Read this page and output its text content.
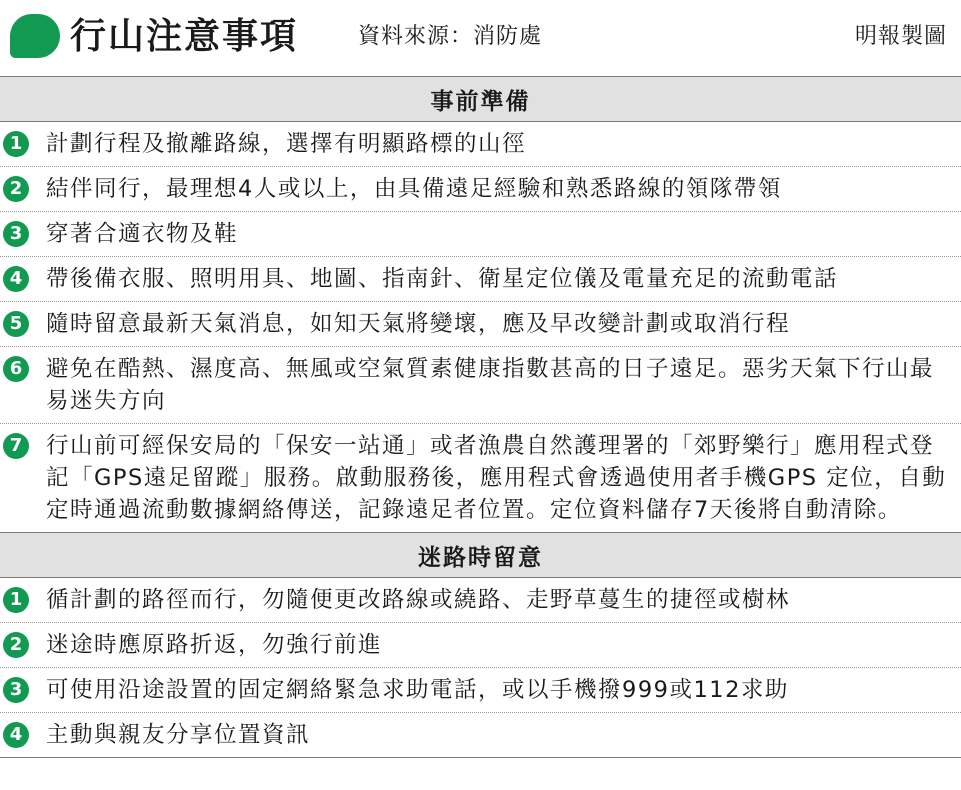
行山注意事項	資料來源：消防處	明報製圖
事前準備
1 計劃行程及撤離路線，選擇有明顯路標的山徑
2 結伴同行，最理想4人或以上，由具備遠足經驗和熟悉路線的領隊帶領
3 穿著合適衣物及鞋
4 帶後備衣服、照明用具、地圖、指南針、衛星定位儀及電量充足的流動電話
5 隨時留意最新天氣消息，如知天氣將變壞，應及早改變計劃或取消行程
6 避免在酷熱、濕度高、無風或空氣質素健康指數甚高的日子遠足。惡劣天氣下行山最易迷失方向
7 行山前可經保安局的「保安一站通」或者漁農自然護理署的「郊野樂行」應用程式登記「GPS遠足留蹤」服務。啟動服務後，應用程式會透過使用者手機GPS 定位，自動定時通過流動數據網絡傳送，記錄遠足者位置。定位資料儲存7天後將自動清除。
迷路時留意
1 循計劃的路徑而行，勿隨便更改路線或繞路、走野草蔓生的捷徑或樹林
2 迷途時應原路折返，勿強行前進
3 可使用沿途設置的固定網絡緊急求助電話，或以手機撥999或112求助
4 主動與親友分享位置資訊
